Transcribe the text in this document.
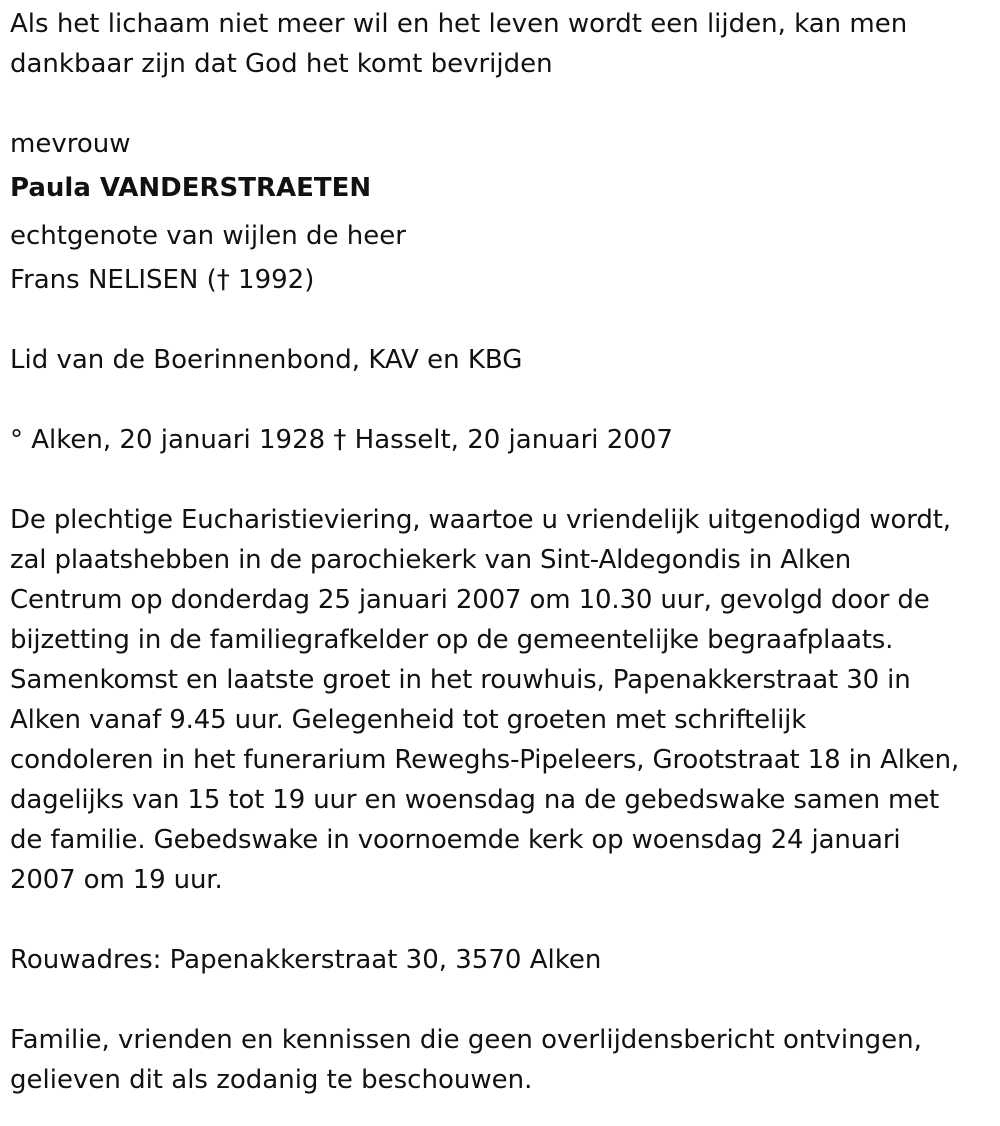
Als het lichaam niet meer wil en het leven wordt een lijden, kan men

dankbaar zijn dat God het komt bevrijden

mevrouw

Paula VANDERSTRAETEN

echtgenote van wijlen de heer

Frans NELISEN († 1992)

Lid van de Boerinnenbond, KAV en KBG

° Alken, 20 januari 1928 † Hasselt, 20 januari 2007

De plechtige Eucharistieviering, waartoe u vriendelijk uitgenodigd wordt,

zal plaatshebben in de parochiekerk van Sint-Aldegondis in Alken

Centrum op donderdag 25 januari 2007 om 10.30 uur, gevolgd door de

bijzetting in de familiegrafkelder op de gemeentelijke begraafplaats.

Samenkomst en laatste groet in het rouwhuis, Papenakkerstraat 30 in

Alken vanaf 9.45 uur. Gelegenheid tot groeten met schriftelijk

condoleren in het funerarium Reweghs-Pipeleers, Grootstraat 18 in Alken,

dagelijks van 15 tot 19 uur en woensdag na de gebedswake samen met

de familie. Gebedswake in voornoemde kerk op woensdag 24 januari

2007 om 19 uur.

Rouwadres: Papenakkerstraat 30, 3570 Alken

Familie, vrienden en kennissen die geen overlijdensbericht ontvingen,

gelieven dit als zodanig te beschouwen.
